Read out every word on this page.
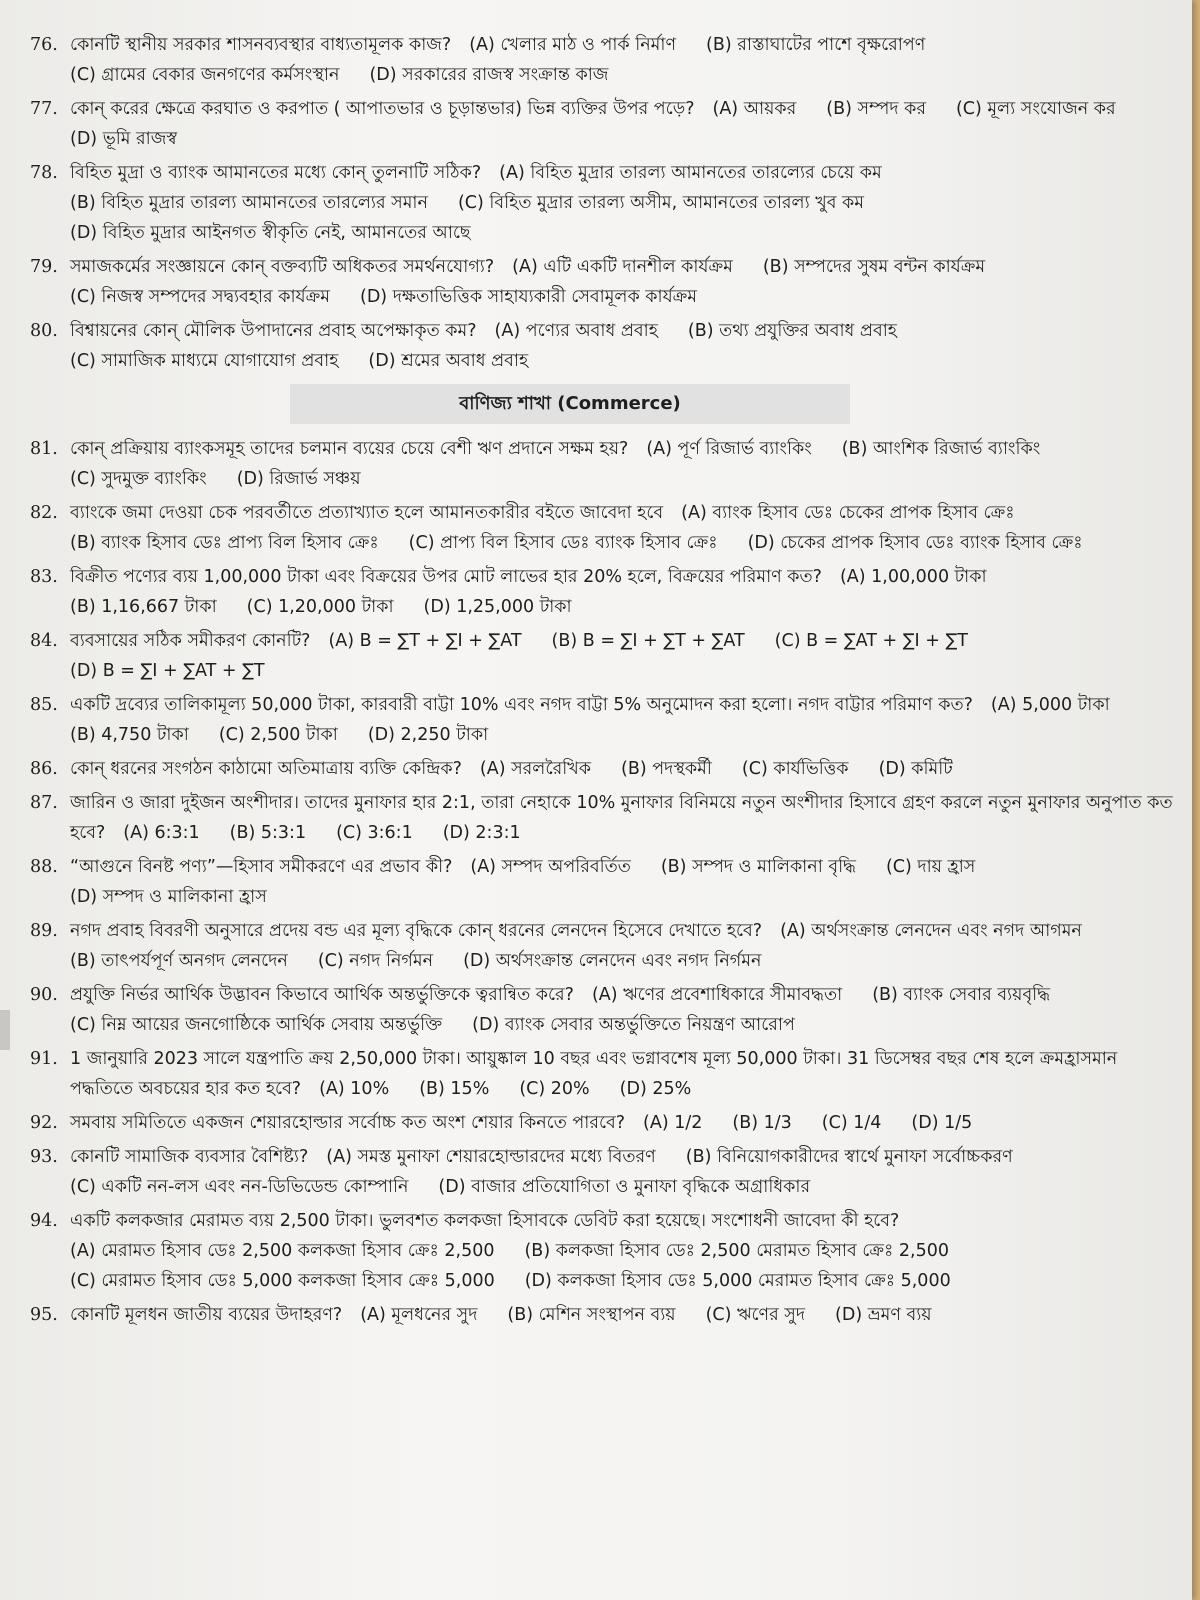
76. কোনটি স্থানীয় সরকার শাসনব্যবস্থার বাধ্যতামূলক কাজ? (A) খেলার মাঠ ও পার্ক নির্মাণ (B) রাস্তাঘাটের পাশে বৃক্ষরোপণ(C) গ্রামের বেকার জনগণের কর্মসংস্থান (D) সরকারের রাজস্ব সংক্রান্ত কাজ
77. কোন্ করের ক্ষেত্রে করঘাত ও করপাত ( আপাতভার ও চূড়ান্তভার) ভিন্ন ব্যক্তির উপর পড়ে? (A) আয়কর (B) সম্পদ কর (C) মূল্য সংযোজন কর(D) ভূমি রাজস্ব
78. বিহিত মুদ্রা ও ব্যাংক আমানতের মধ্যে কোন্ তুলনাটি সঠিক? (A) বিহিত মুদ্রার তারল্য আমানতের তারল্যের চেয়ে কম(B) বিহিত মুদ্রার তারল্য আমানতের তারল্যের সমান (C) বিহিত মুদ্রার তারল্য অসীম, আমানতের তারল্য খুব কম(D) বিহিত মুদ্রার আইনগত স্বীকৃতি নেই, আমানতের আছে
79. সমাজকর্মের সংজ্ঞায়নে কোন্ বক্তব্যটি অধিকতর সমর্থনযোগ্য? (A) এটি একটি দানশীল কার্যক্রম (B) সম্পদের সুষম বন্টন কার্যক্রম(C) নিজস্ব সম্পদের সদ্ব্যবহার কার্যক্রম (D) দক্ষতাভিত্তিক সাহায্যকারী সেবামূলক কার্যক্রম
80. বিশ্বায়নের কোন্ মৌলিক উপাদানের প্রবাহ অপেক্ষাকৃত কম? (A) পণ্যের অবাধ প্রবাহ (B) তথ্য প্রযুক্তির অবাধ প্রবাহ(C) সামাজিক মাধ্যমে যোগাযোগ প্রবাহ (D) শ্রমের অবাধ প্রবাহ
বাণিজ্য শাখা (Commerce)
81. কোন্ প্রক্রিয়ায় ব্যাংকসমূহ তাদের চলমান ব্যয়ের চেয়ে বেশী ঋণ প্রদানে সক্ষম হয়? (A) পূর্ণ রিজার্ভ ব্যাংকিং (B) আংশিক রিজার্ভ ব্যাংকিং(C) সুদমুক্ত ব্যাংকিং (D) রিজার্ভ সঞ্চয়
82. ব্যাংকে জমা দেওয়া চেক পরবর্তীতে প্রত্যাখ্যাত হলে আমানতকারীর বইতে জাবেদা হবে (A) ব্যাংক হিসাব ডেঃ চেকের প্রাপক হিসাব ক্রেঃ(B) ব্যাংক হিসাব ডেঃ প্রাপ্য বিল হিসাব ক্রেঃ (C) প্রাপ্য বিল হিসাব ডেঃ ব্যাংক হিসাব ক্রেঃ (D) চেকের প্রাপক হিসাব ডেঃ ব্যাংক হিসাব ক্রেঃ
83. বিক্রীত পণ্যের ব্যয় 1,00,000 টাকা এবং বিক্রয়ের উপর মোট লাভের হার 20% হলে, বিক্রয়ের পরিমাণ কত? (A) 1,00,000 টাকা(B) 1,16,667 টাকা (C) 1,20,000 টাকা (D) 1,25,000 টাকা
84. ব্যবসায়ের সঠিক সমীকরণ কোনটি? (A) B = ∑T + ∑I + ∑AT (B) B = ∑I + ∑T + ∑AT (C) B = ∑AT + ∑I + ∑T(D) B = ∑I + ∑AT + ∑T
85. একটি দ্রব্যের তালিকামূল্য 50,000 টাকা, কারবারী বাট্টা 10% এবং নগদ বাট্টা 5% অনুমোদন করা হলো। নগদ বাট্টার পরিমাণ কত? (A) 5,000 টাকা(B) 4,750 টাকা (C) 2,500 টাকা (D) 2,250 টাকা
86. কোন্ ধরনের সংগঠন কাঠামো অতিমাত্রায় ব্যক্তি কেন্দ্রিক? (A) সরলরৈখিক (B) পদস্থকর্মী (C) কার্যভিত্তিক (D) কমিটি
87. জারিন ও জারা দুইজন অংশীদার। তাদের মুনাফার হার 2:1, তারা নেহাকে 10% মুনাফার বিনিময়ে নতুন অংশীদার হিসাবে গ্রহণ করলে নতুন মুনাফার অনুপাত কত হবে? (A) 6:3:1 (B) 5:3:1 (C) 3:6:1 (D) 2:3:1
88. “আগুনে বিনষ্ট পণ্য”—হিসাব সমীকরণে এর প্রভাব কী? (A) সম্পদ অপরিবর্তিত (B) সম্পদ ও মালিকানা বৃদ্ধি (C) দায় হ্রাস(D) সম্পদ ও মালিকানা হ্রাস
89. নগদ প্রবাহ বিবরণী অনুসারে প্রদেয় বন্ড এর মূল্য বৃদ্ধিকে কোন্ ধরনের লেনদেন হিসেবে দেখাতে হবে? (A) অর্থসংক্রান্ত লেনদেন এবং নগদ আগমন(B) তাৎপর্যপূর্ণ অনগদ লেনদেন (C) নগদ নির্গমন (D) অর্থসংক্রান্ত লেনদেন এবং নগদ নির্গমন
90. প্রযুক্তি নির্ভর আর্থিক উদ্ভাবন কিভাবে আর্থিক অন্তর্ভুক্তিকে ত্বরান্বিত করে? (A) ঋণের প্রবেশাধিকারে সীমাবদ্ধতা (B) ব্যাংক সেবার ব্যয়বৃদ্ধি(C) নিম্ন আয়ের জনগোষ্ঠিকে আর্থিক সেবায় অন্তর্ভুক্তি (D) ব্যাংক সেবার অন্তর্ভুক্তিতে নিয়ন্ত্রণ আরোপ
91. 1 জানুয়ারি 2023 সালে যন্ত্রপাতি ক্রয় 2,50,000 টাকা। আয়ুষ্কাল 10 বছর এবং ভগ্নাবশেষ মূল্য 50,000 টাকা। 31 ডিসেম্বর বছর শেষ হলে ক্রমহ্রাসমান পদ্ধতিতে অবচয়ের হার কত হবে? (A) 10% (B) 15% (C) 20% (D) 25%
92. সমবায় সমিতিতে একজন শেয়ারহোল্ডার সর্বোচ্চ কত অংশ শেয়ার কিনতে পারবে? (A) 1/2 (B) 1/3 (C) 1/4 (D) 1/5
93. কোনটি সামাজিক ব্যবসার বৈশিষ্ট্য? (A) সমস্ত মুনাফা শেয়ারহোল্ডারদের মধ্যে বিতরণ (B) বিনিয়োগকারীদের স্বার্থে মুনাফা সর্বোচ্চকরণ(C) একটি নন-লস এবং নন-ডিভিডেন্ড কোম্পানি (D) বাজার প্রতিযোগিতা ও মুনাফা বৃদ্ধিকে অগ্রাধিকার
94. একটি কলকজার মেরামত ব্যয় 2,500 টাকা। ভুলবশত কলকজা হিসাবকে ডেবিট করা হয়েছে। সংশোধনী জাবেদা কী হবে?(A) মেরামত হিসাব ডেঃ 2,500 কলকজা হিসাব ক্রেঃ 2,500 (B) কলকজা হিসাব ডেঃ 2,500 মেরামত হিসাব ক্রেঃ 2,500(C) মেরামত হিসাব ডেঃ 5,000 কলকজা হিসাব ক্রেঃ 5,000 (D) কলকজা হিসাব ডেঃ 5,000 মেরামত হিসাব ক্রেঃ 5,000
95. কোনটি মূলধন জাতীয় ব্যয়ের উদাহরণ? (A) মূলধনের সুদ (B) মেশিন সংস্থাপন ব্যয় (C) ঋণের সুদ (D) ভ্রমণ ব্যয়
